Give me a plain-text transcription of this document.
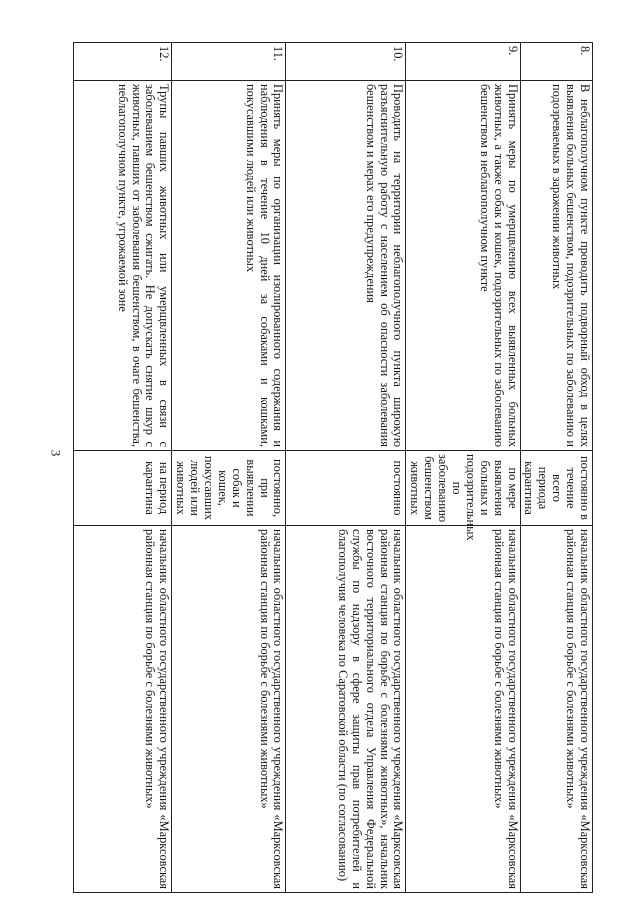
3
8.	В неблагополучном пункте проводить подворный обход в целях выявления больных бешенством, подозрительных по заболеванию и подозреваемых в заражении животных	постоянно в течение всего периода карантина	начальник областного государственного учреждения «Марксовская районная станция по борьбе с болезнями животных»
9.	Принять меры по умерщвлению всех выявленных больных животных, а также собак и кошек, подозрительных по заболеванию бешенством в неблагополучном пункте	по мере выявления больных и подозрительных по заболеванию бешенством животных	начальник областного государственного учреждения «Марксовская районная станция по борьбе с болезнями животных»
10.	Проводить на территории неблагополучного пункта широкую разъяснительную работу с населением об опасности заболевания бешенством и мерах его предупреждения	постоянно	начальник областного государственного учреждения «Марксовская районная станция по борьбе с болезнями животных», начальник восточного территориального отдела Управления Федеральной службы по надзору в сфере защиты прав потребителей и благополучия человека по Саратовской области (по согласованию)
11.	Принять меры по организации изолированного содержания и наблюдения в течение 10 дней за собаками и кошками, покусавшими людей или животных	постоянно, при выявлении собак и кошек, покусавших людей или животных	начальник областного государственного учреждения «Марксовская районная станция по борьбе с болезнями животных»
12.	Трупы павших животных или умерщвленных в связи с заболеванием бешенством сжигать. Не допускать снятие шкур с животных, павших от заболевания бешенством, в очаге бешенства, неблагополучном пункте, угрожаемой зоне	на период карантина	начальник областного государственного учреждения «Марксовская районная станция по борьбе с болезнями животных»
